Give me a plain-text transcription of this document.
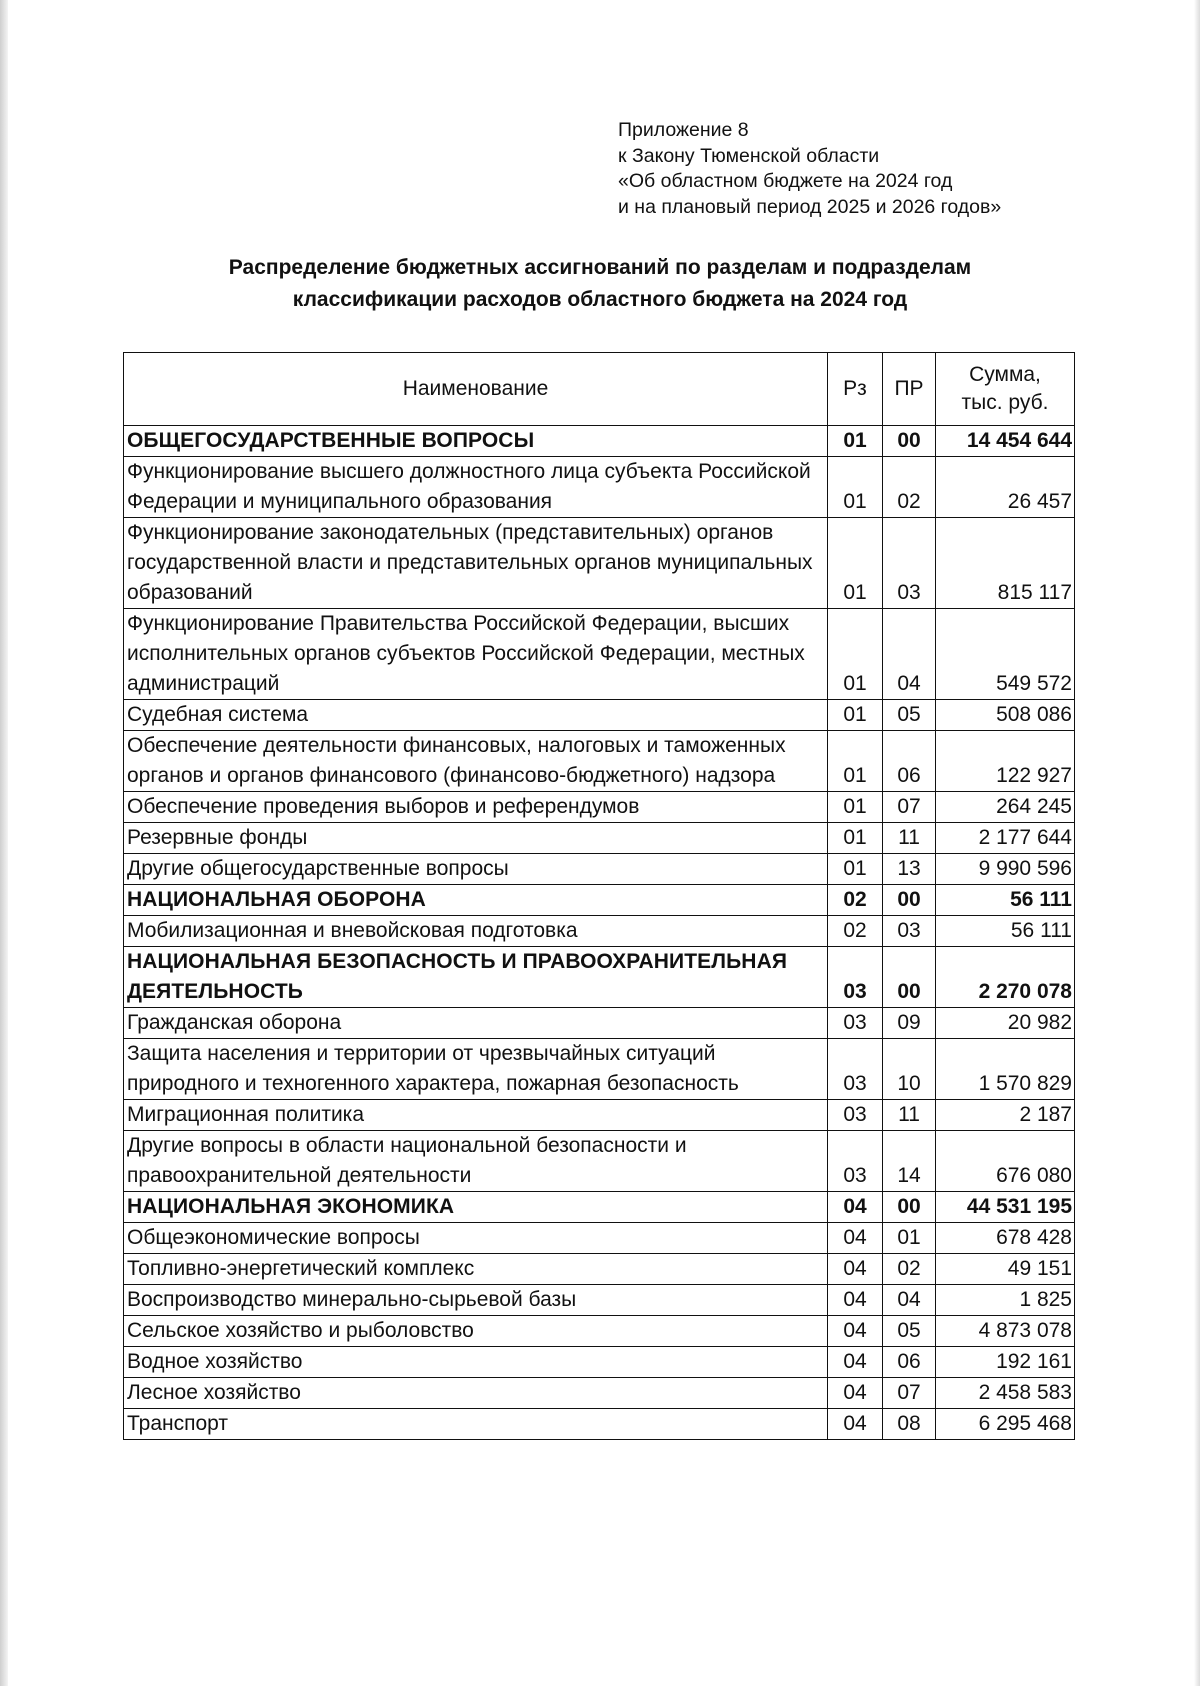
Приложение 8
к Закону Тюменской области
«Об областном бюджете на 2024 год
и на плановый период 2025 и 2026 годов»
Распределение бюджетных ассигнований по разделам и подразделам
классификации расходов областного бюджета на 2024 год
Наименование	Рз	ПР	Сумма,
тыс. руб.

ОБЩЕГОСУДАРСТВЕННЫЕ ВОПРОСЫ	01	00	14 454 644
Функционирование высшего должностного лица субъекта Российской Федерации и муниципального образования	01	02	26 457
Функционирование законодательных (представительных) органов государственной власти и представительных органов муниципальных образований	01	03	815 117
Функционирование Правительства Российской Федерации, высших исполнительных органов субъектов Российской Федерации, местных администраций	01	04	549 572
Судебная система	01	05	508 086
Обеспечение деятельности финансовых, налоговых и таможенных органов и органов финансового (финансово-бюджетного) надзора	01	06	122 927
Обеспечение проведения выборов и референдумов	01	07	264 245
Резервные фонды	01	11	2 177 644
Другие общегосударственные вопросы	01	13	9 990 596
НАЦИОНАЛЬНАЯ ОБОРОНА	02	00	56 111
Мобилизационная и вневойсковая подготовка	02	03	56 111
НАЦИОНАЛЬНАЯ БЕЗОПАСНОСТЬ И ПРАВООХРАНИТЕЛЬНАЯ ДЕЯТЕЛЬНОСТЬ	03	00	2 270 078
Гражданская оборона	03	09	20 982
Защита населения и территории от чрезвычайных ситуаций природного и техногенного характера, пожарная безопасность	03	10	1 570 829
Миграционная политика	03	11	2 187
Другие вопросы в области национальной безопасности и правоохранительной деятельности	03	14	676 080
НАЦИОНАЛЬНАЯ ЭКОНОМИКА	04	00	44 531 195
Общеэкономические вопросы	04	01	678 428
Топливно-энергетический комплекс	04	02	49 151
Воспроизводство минерально-сырьевой базы	04	04	1 825
Сельское хозяйство и рыболовство	04	05	4 873 078
Водное хозяйство	04	06	192 161
Лесное хозяйство	04	07	2 458 583
Транспорт	04	08	6 295 468
